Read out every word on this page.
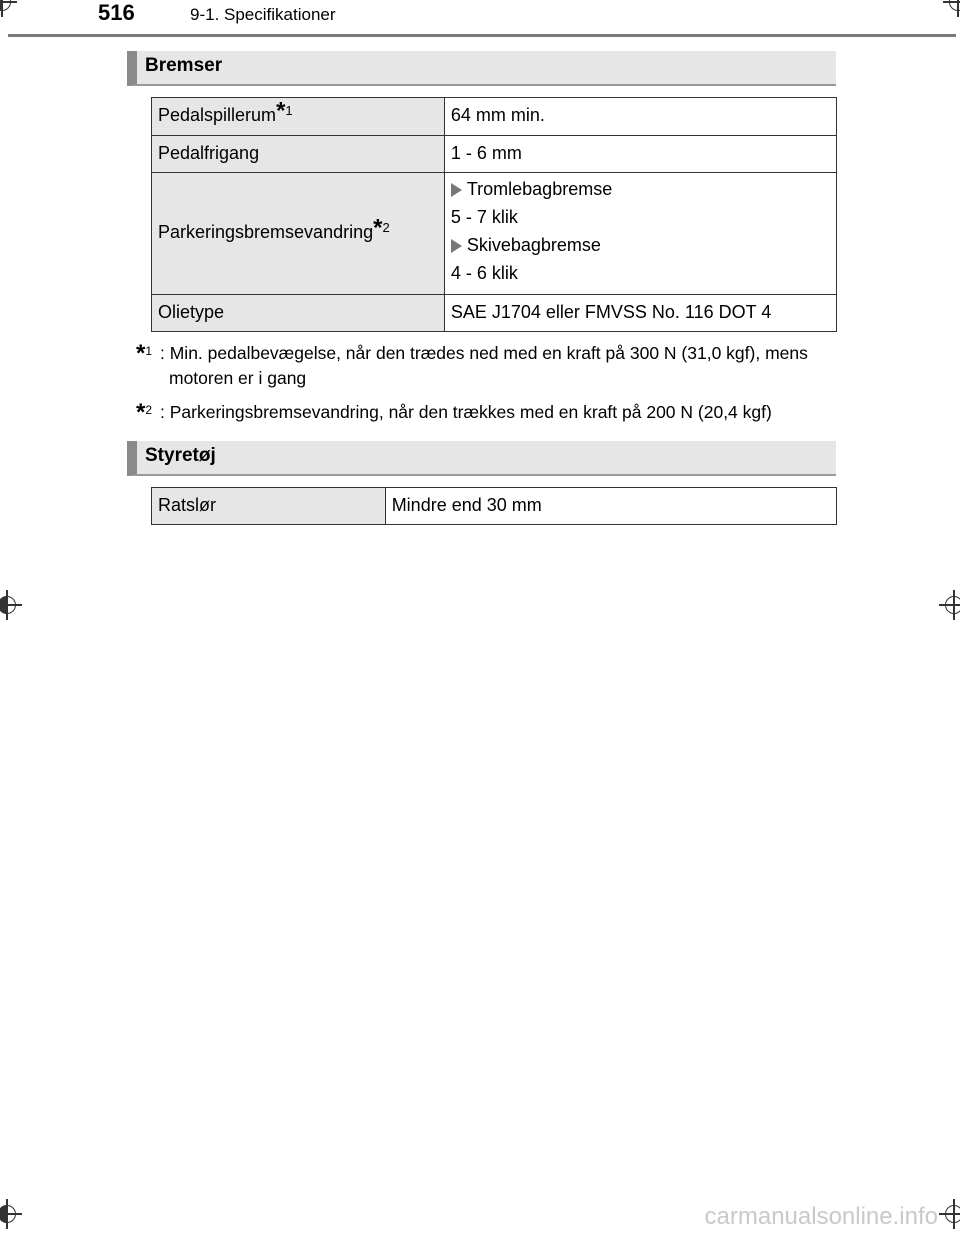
516	9-1. Specifikationer
Bremser
Pedalspillerum$^{*1}$	64 mm min.
Pedalfrigang	1 - 6 mm
Parkeringsbremsevandring$^{*2}$	Tromlebagbremse
5 - 7 klik
Skivebagbremse
4 - 6 klik

Olietype	SAE J1704 eller FMVSS No. 116 DOT 4
*$^1$ : Min. pedalbevægelse, når den trædes ned med en kraft på 300 N (31,0 kgf), mens motoren er i gang
*$^2$ : Parkeringsbremsevandring, når den trækkes med en kraft på 200 N (20,4 kgf)
Styretøj
Ratslør	Mindre end 30 mm
carmanualsonline.info
